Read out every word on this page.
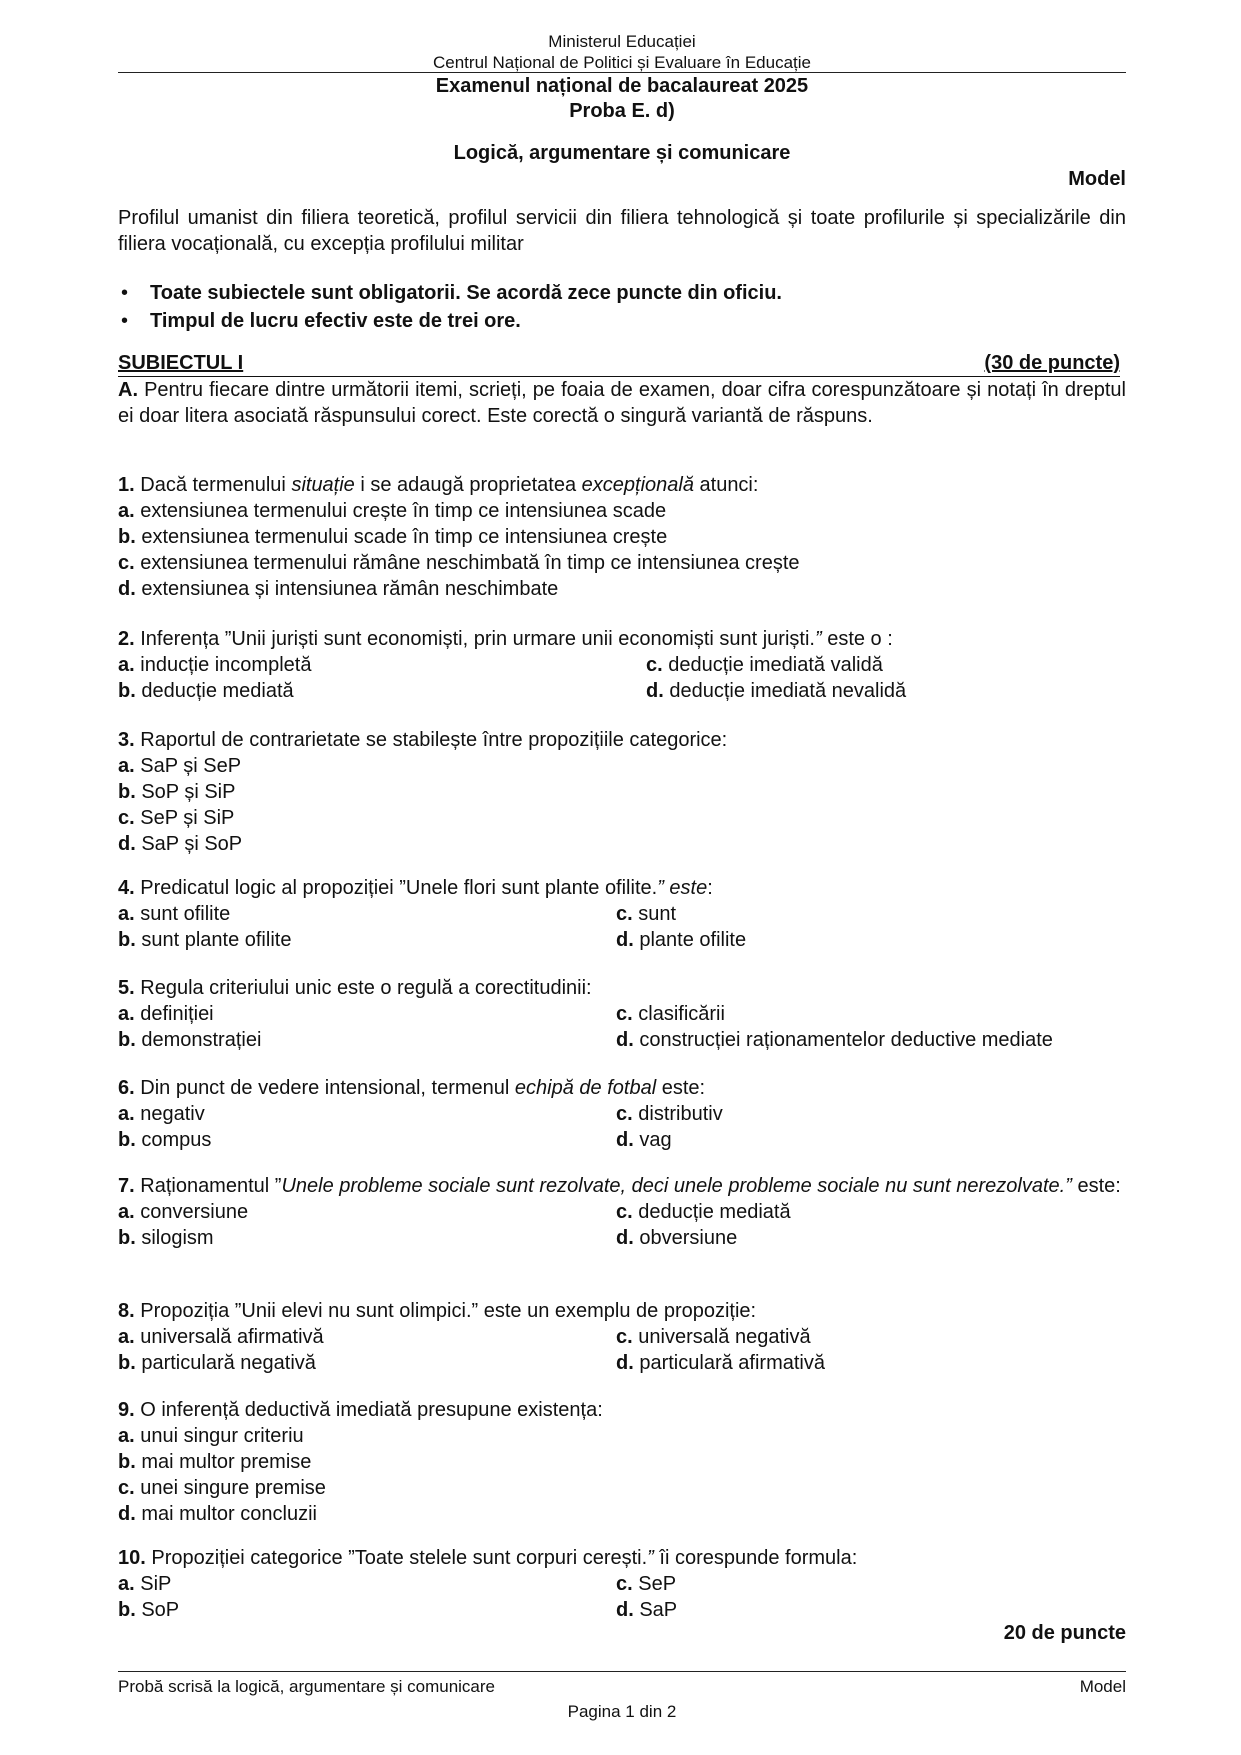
Ministerul Educației
Centrul Național de Politici și Evaluare în Educație
Examenul național de bacalaureat 2025
Proba E. d)
Logică, argumentare și comunicare
Model

Profilul umanist din filiera teoretică, profilul servicii din filiera tehnologică și toate profilurile și specializările din filiera vocațională, cu excepția profilului militar

• Toate subiectele sunt obligatorii. Se acordă zece puncte din oficiu.
• Timpul de lucru efectiv este de trei ore.
SUBIECTUL I	(30 de puncte)

A. Pentru fiecare dintre următorii itemi, scrieți, pe foaia de examen, doar cifra corespunzătoare și notați în dreptul ei doar litera asociată răspunsului corect. Este corectă o singură variantă de răspuns.

1. Dacă termenului situație i se adaugă proprietatea excepțională atunci:
a. extensiunea termenului crește în timp ce intensiunea scade
b. extensiunea termenului scade în timp ce intensiunea crește
c. extensiunea termenului rămâne neschimbată în timp ce intensiunea crește
d. extensiunea și intensiunea rămân neschimbate
2. Inferența ”Unii juriști sunt economiști, prin urmare unii economiști sunt juriști.” este o :
a. inducție incompletă	c. deducție imediată validă
b. deducție mediată	d. deducție imediată nevalidă
3. Raportul de contrarietate se stabilește între propozițiile categorice:
a. SaP și SeP
b. SoP și SiP
c. SeP și SiP
d. SaP și SoP
4. Predicatul logic al propoziției ”Unele flori sunt plante ofilite.” este:
a. sunt ofilite	c. sunt
b. sunt plante ofilite	d. plante ofilite
5. Regula criteriului unic este o regulă a corectitudinii:
a. definiției	c. clasificării
b. demonstrației	d. construcției raționamentelor deductive mediate
6. Din punct de vedere intensional, termenul echipă de fotbal este:
a. negativ	c. distributiv
b. compus	d. vag
7. Raționamentul ”Unele probleme sociale sunt rezolvate, deci unele probleme sociale nu sunt nerezolvate.” este:
a. conversiune	c. deducție mediată
b. silogism	d. obversiune
8. Propoziția ”Unii elevi nu sunt olimpici.” este un exemplu de propoziție:
a. universală afirmativă	c. universală negativă
b. particulară negativă	d. particulară afirmativă
9. O inferență deductivă imediată presupune existența:
a. unui singur criteriu
b. mai multor premise
c. unei singure premise
d. mai multor concluzii
10. Propoziției categorice ”Toate stelele sunt corpuri cerești.” îi corespunde formula:
a. SiP	c. SeP
b. SoP	d. SaP
20 de puncte
Probă scrisă la logică, argumentare și comunicare	Model
Pagina 1 din 2
